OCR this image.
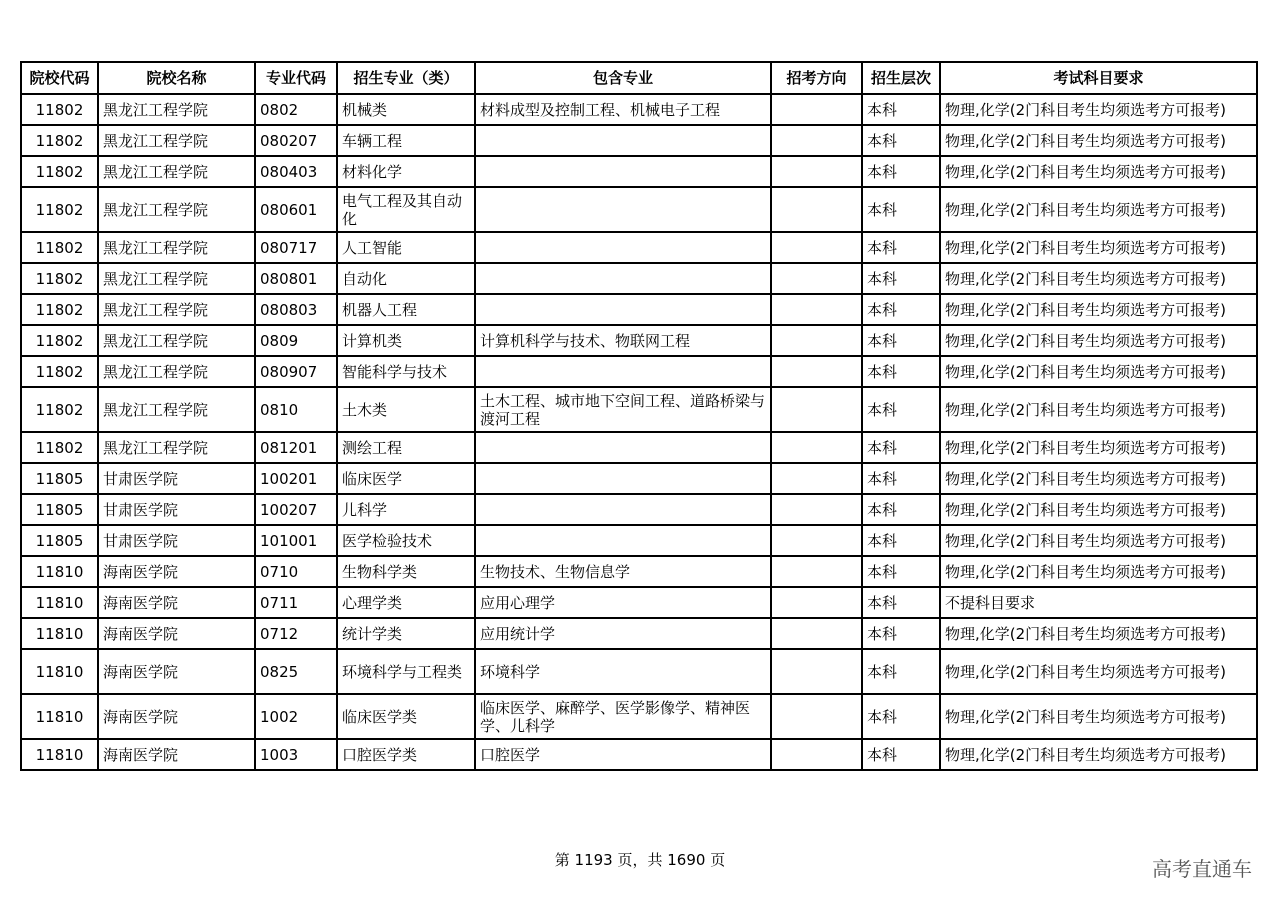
院校代码	院校名称	专业代码	招生专业（类）	包含专业	招考方向	招生层次	考试科目要求
11802	黑龙江工程学院	0802	机械类	材料成型及控制工程、机械电子工程		本科	物理,化学(2门科目考生均须选考方可报考)
11802	黑龙江工程学院	080207	车辆工程			本科	物理,化学(2门科目考生均须选考方可报考)
11802	黑龙江工程学院	080403	材料化学			本科	物理,化学(2门科目考生均须选考方可报考)
11802	黑龙江工程学院	080601	电气工程及其自动化			本科	物理,化学(2门科目考生均须选考方可报考)
11802	黑龙江工程学院	080717	人工智能			本科	物理,化学(2门科目考生均须选考方可报考)
11802	黑龙江工程学院	080801	自动化			本科	物理,化学(2门科目考生均须选考方可报考)
11802	黑龙江工程学院	080803	机器人工程			本科	物理,化学(2门科目考生均须选考方可报考)
11802	黑龙江工程学院	0809	计算机类	计算机科学与技术、物联网工程		本科	物理,化学(2门科目考生均须选考方可报考)
11802	黑龙江工程学院	080907	智能科学与技术			本科	物理,化学(2门科目考生均须选考方可报考)
11802	黑龙江工程学院	0810	土木类	土木工程、城市地下空间工程、道路桥梁与渡河工程		本科	物理,化学(2门科目考生均须选考方可报考)
11802	黑龙江工程学院	081201	测绘工程			本科	物理,化学(2门科目考生均须选考方可报考)
11805	甘肃医学院	100201	临床医学			本科	物理,化学(2门科目考生均须选考方可报考)
11805	甘肃医学院	100207	儿科学			本科	物理,化学(2门科目考生均须选考方可报考)
11805	甘肃医学院	101001	医学检验技术			本科	物理,化学(2门科目考生均须选考方可报考)
11810	海南医学院	0710	生物科学类	生物技术、生物信息学		本科	物理,化学(2门科目考生均须选考方可报考)
11810	海南医学院	0711	心理学类	应用心理学		本科	不提科目要求
11810	海南医学院	0712	统计学类	应用统计学		本科	物理,化学(2门科目考生均须选考方可报考)
11810	海南医学院	0825	环境科学与工程类	环境科学		本科	物理,化学(2门科目考生均须选考方可报考)
11810	海南医学院	1002	临床医学类	临床医学、麻醉学、医学影像学、精神医学、儿科学		本科	物理,化学(2门科目考生均须选考方可报考)
11810	海南医学院	1003	口腔医学类	口腔医学		本科	物理,化学(2门科目考生均须选考方可报考)
第 1193 页，共 1690 页	高考直通车
